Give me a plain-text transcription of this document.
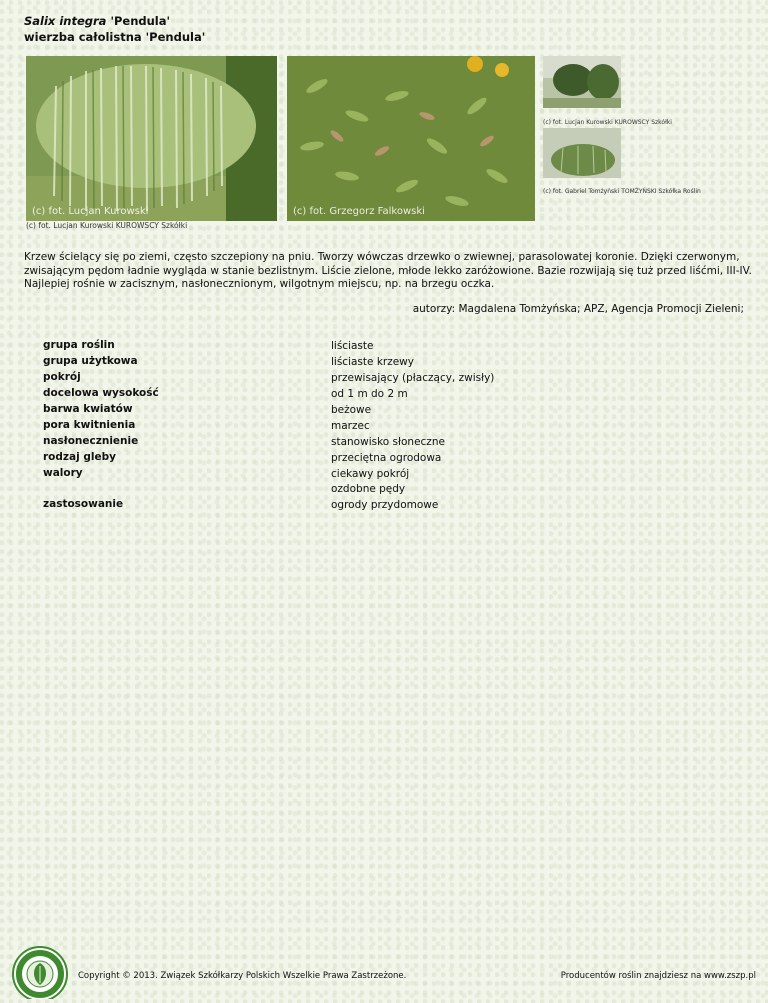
Salix integra 'Pendula'
wierzba całolistna 'Pendula'
(c) fot. Lucjan Kurowski	(c) fot. Grzegorz Falkowski
(c) fot. Lucjan Kurowski KUROWSCY Szkółki
(c) fot. Gabriel Tomżyński TOMŻYŃSKI Szkółka Roślin
(c) fot. Lucjan Kurowski KUROWSCY Szkółki
Krzew ścielący się po ziemi, często szczepiony na pniu. Tworzy wówczas drzewko o zwiewnej, parasolowatej koronie. Dzięki czerwonym, zwisającym pędom ładnie wygląda w stanie bezlistnym. Liście zielone, młode lekko zaróżowione. Bazie rozwijają się tuż przed liśćmi, III-IV. Najlepiej rośnie w zacisznym, nasłonecznionym, wilgotnym miejscu, np. na brzegu oczka.
autorzy: Magdalena Tomżyńska; APZ, Agencja Promocji Zieleni;
grupa roślin	liściaste
grupa użytkowa	liściaste krzewy
pokrój	przewisający (płaczący, zwisły)
docelowa wysokość	od 1 m do 2 m
barwa kwiatów	beżowe
pora kwitnienia	marzec
nasłonecznienie	stanowisko słoneczne
rodzaj gleby	przeciętna ogrodowa
walory	ciekawy pokrój
ozdobne pędy
zastosowanie	ogrody przydomowe
Copyright © 2013. Związek Szkółkarzy Polskich Wszelkie Prawa Zastrzeżone.	Producentów roślin znajdziesz na www.zszp.pl
